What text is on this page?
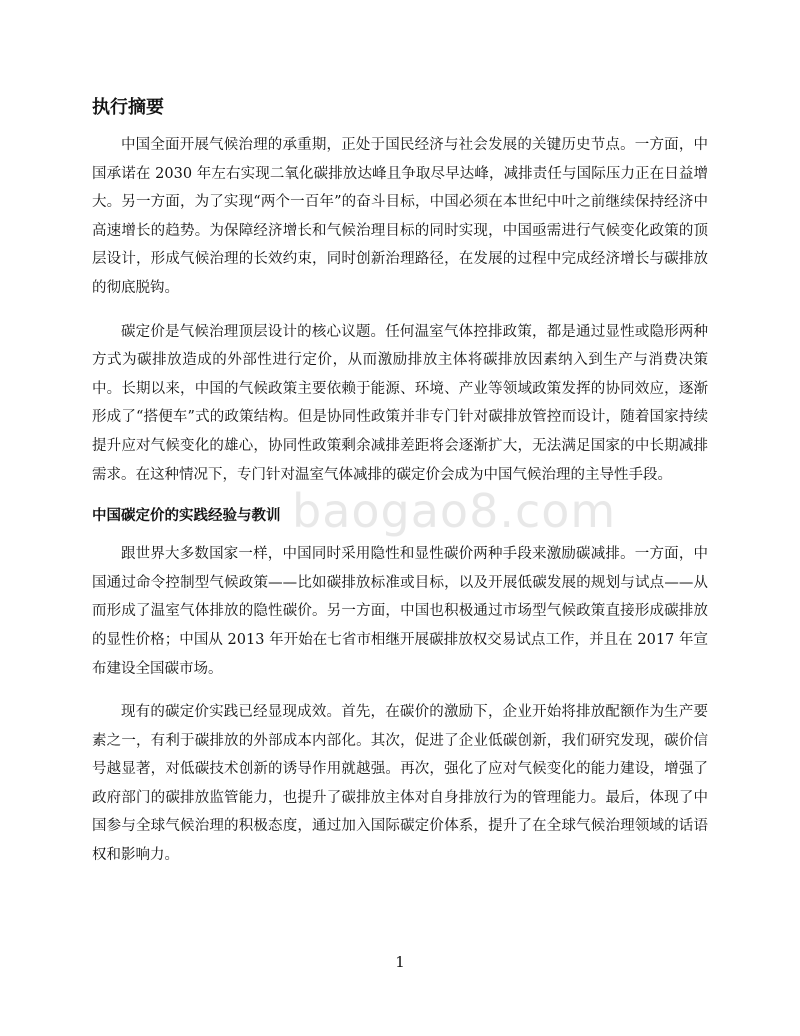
执行摘要

中国全面开展气候治理的承重期，正处于国民经济与社会发展的关键历史节点。一方面，中国承诺在 2030 年左右实现二氧化碳排放达峰且争取尽早达峰，减排责任与国际压力正在日益增大。另一方面，为了实现“两个一百年”的奋斗目标，中国必须在本世纪中叶之前继续保持经济中高速增长的趋势。为保障经济增长和气候治理目标的同时实现，中国亟需进行气候变化政策的顶层设计，形成气候治理的长效约束，同时创新治理路径，在发展的过程中完成经济增长与碳排放的彻底脱钩。

碳定价是气候治理顶层设计的核心议题。任何温室气体控排政策，都是通过显性或隐形两种方式为碳排放造成的外部性进行定价，从而激励排放主体将碳排放因素纳入到生产与消费决策中。长期以来，中国的气候政策主要依赖于能源、环境、产业等领域政策发挥的协同效应，逐渐形成了“搭便车”式的政策结构。但是协同性政策并非专门针对碳排放管控而设计，随着国家持续提升应对气候变化的雄心，协同性政策剩余减排差距将会逐渐扩大，无法满足国家的中长期减排需求。在这种情况下，专门针对温室气体减排的碳定价会成为中国气候治理的主导性手段。

中国碳定价的实践经验与教训

跟世界大多数国家一样，中国同时采用隐性和显性碳价两种手段来激励碳减排。一方面，中国通过命令控制型气候政策——比如碳排放标准或目标，以及开展低碳发展的规划与试点——从而形成了温室气体排放的隐性碳价。另一方面，中国也积极通过市场型气候政策直接形成碳排放的显性价格；中国从 2013 年开始在七省市相继开展碳排放权交易试点工作，并且在 2017 年宣布建设全国碳市场。

现有的碳定价实践已经显现成效。首先，在碳价的激励下，企业开始将排放配额作为生产要素之一，有利于碳排放的外部成本内部化。其次，促进了企业低碳创新，我们研究发现，碳价信号越显著，对低碳技术创新的诱导作用就越强。再次，强化了应对气候变化的能力建设，增强了政府部门的碳排放监管能力，也提升了碳排放主体对自身排放行为的管理能力。最后，体现了中国参与全球气候治理的积极态度，通过加入国际碳定价体系，提升了在全球气候治理领域的话语权和影响力。

baogao8.com
1
